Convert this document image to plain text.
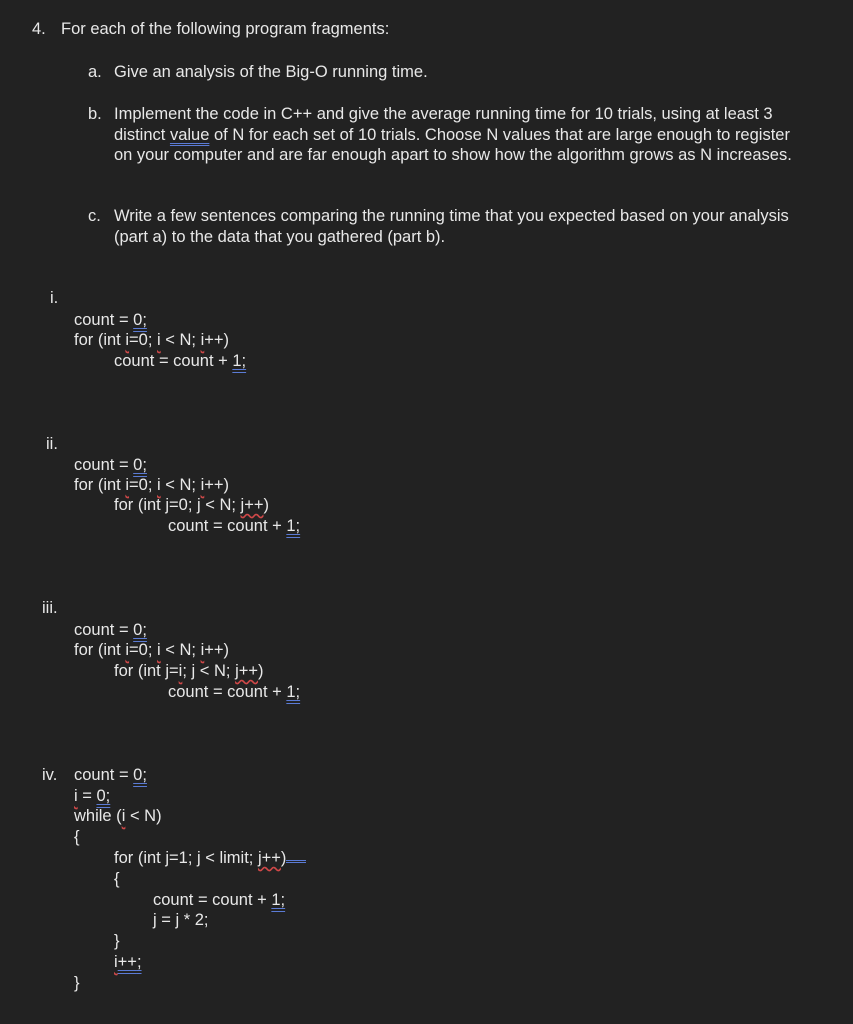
4. For each of the following program fragments:
a. Give an analysis of the Big-O running time.
b. Implement the code in C++ and give the average running time for 10 trials, using at least 3 distinct value of N for each set of 10 trials. Choose N values that are large enough to register on your computer and are far enough apart to show how the algorithm grows as N increases.
c. Write a few sentences comparing the running time that you expected based on your analysis (part a) to the data that you gathered (part b).
i.
count = 0;
for (int i=0; i < N; i++)
count = count + 1;
ii.
count = 0;
for (int i=0; i < N; i++)
for (int j=0; j < N; j++)
count = count + 1;
iii.
count = 0;
for (int i=0; i < N; i++)
for (int j=i; j < N; j++)
count = count + 1;
iv. count = 0;
i = 0;
while (i < N)
{
for (int j=1; j < limit; j++)
{
count = count + 1;
j = j * 2;
}
i++;
}
